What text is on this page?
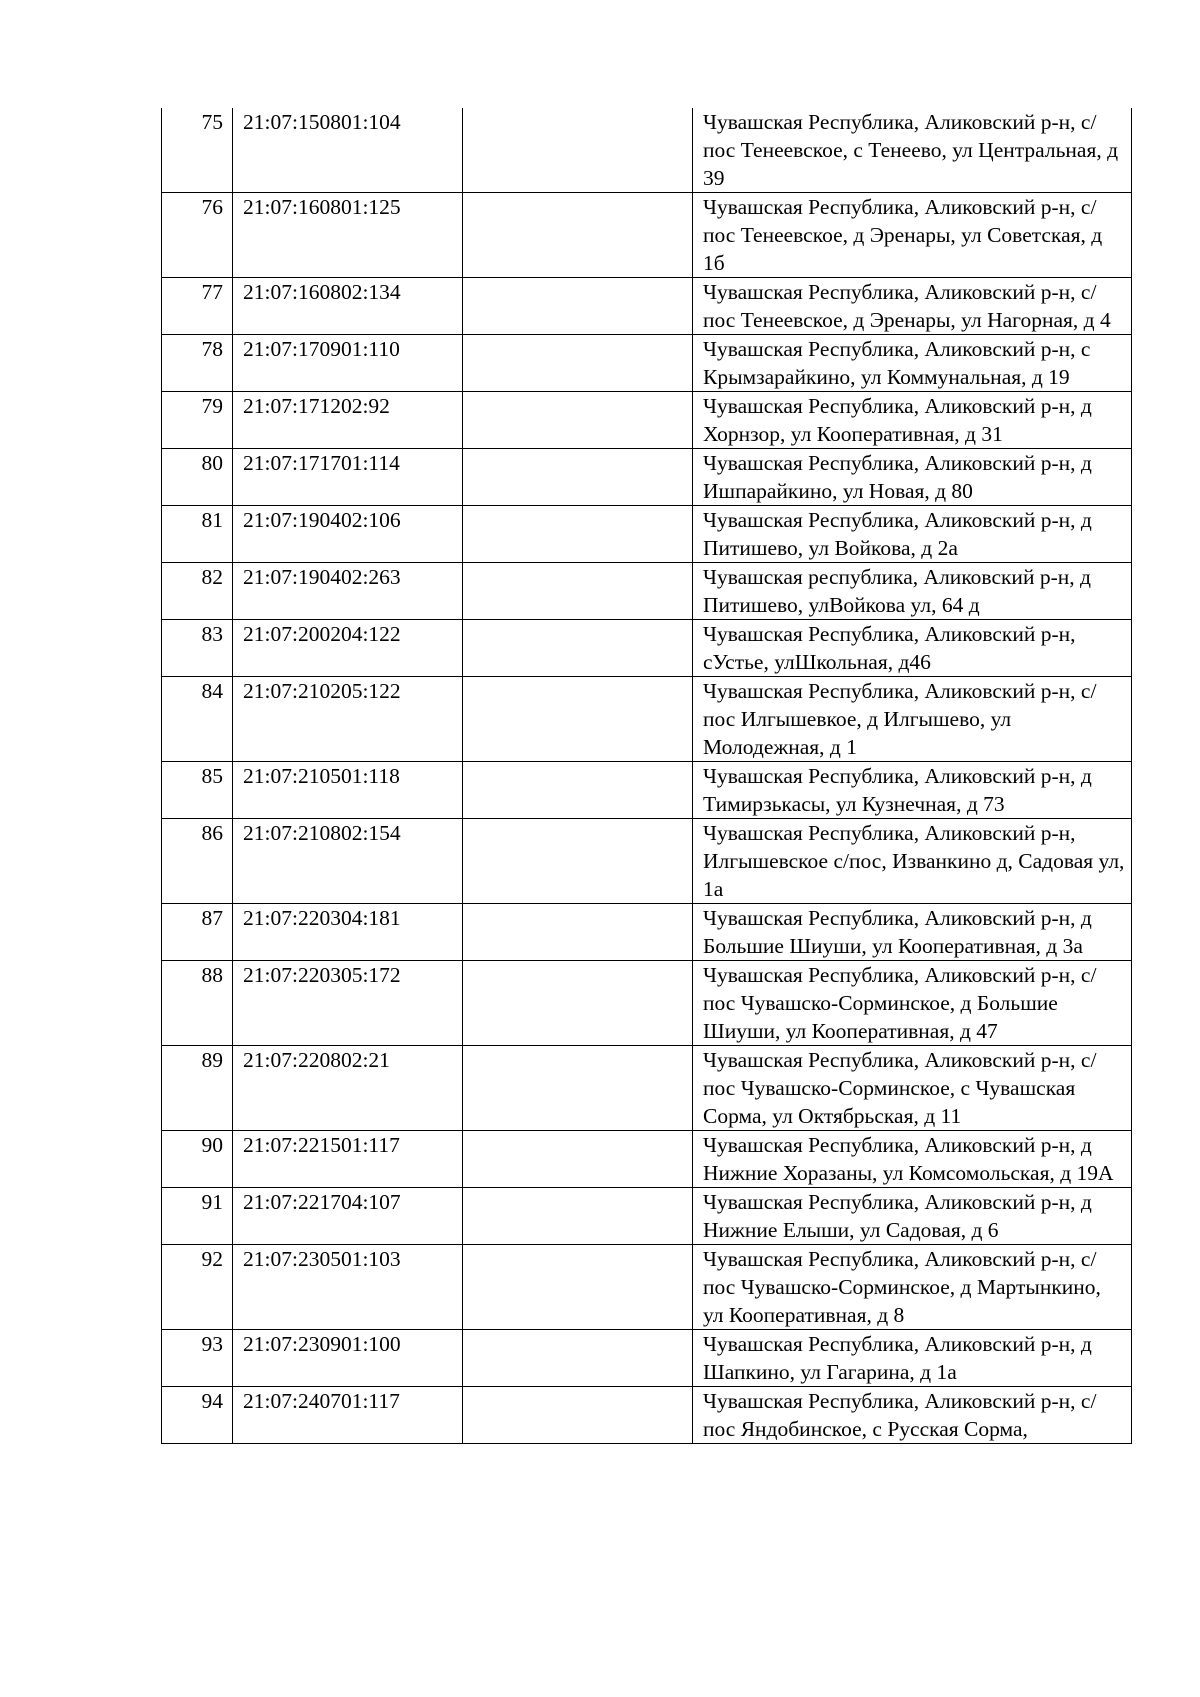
75	21:07:150801:104		Чувашская Республика, Аликовский р-н, с/пос Тенеевское, с Тенеево, ул Центральная, д 39
76	21:07:160801:125		Чувашская Республика, Аликовский р-н, с/пос Тенеевское, д Эренары, ул Советская, д 1б
77	21:07:160802:134		Чувашская Республика, Аликовский р-н, с/пос Тенеевское, д Эренары, ул Нагорная, д 4
78	21:07:170901:110		Чувашская Республика, Аликовский р-н, с Крымзарайкино, ул Коммунальная, д 19
79	21:07:171202:92		Чувашская Республика, Аликовский р-н, д Хорнзор, ул Кооперативная, д 31
80	21:07:171701:114		Чувашская Республика, Аликовский р-н, д Ишпарайкино, ул Новая, д 80
81	21:07:190402:106		Чувашская Республика, Аликовский р-н, д Питишево, ул Войкова, д 2а
82	21:07:190402:263		Чувашская республика, Аликовский р-н, д Питишево, улВойкова ул, 64 д
83	21:07:200204:122		Чувашская Республика, Аликовский р-н, сУстье, улШкольная, д46
84	21:07:210205:122		Чувашская Республика, Аликовский р-н, с/пос Илгышевкое, д Илгышево, ул Молодежная, д 1
85	21:07:210501:118		Чувашская Республика, Аликовский р-н, д Тимирзькасы, ул Кузнечная, д 73
86	21:07:210802:154		Чувашская Республика, Аликовский р-н, Илгышевское с/пос, Изванкино д, Садовая ул, 1а
87	21:07:220304:181		Чувашская Республика, Аликовский р-н, д Большие Шиуши, ул Кооперативная, д 3а
88	21:07:220305:172		Чувашская Республика, Аликовский р-н, с/пос Чувашско-Сорминское, д Большие Шиуши, ул Кооперативная, д 47
89	21:07:220802:21		Чувашская Республика, Аликовский р-н, с/пос Чувашско-Сорминское, с Чувашская Сорма, ул Октябрьская, д 11
90	21:07:221501:117		Чувашская Республика, Аликовский р-н, д Нижние Хоразаны, ул Комсомольская, д 19А
91	21:07:221704:107		Чувашская Республика, Аликовский р-н, д Нижние Елыши, ул Садовая, д 6
92	21:07:230501:103		Чувашская Республика, Аликовский р-н, с/пос Чувашско-Сорминское, д Мартынкино, ул Кооперативная, д 8
93	21:07:230901:100		Чувашская Республика, Аликовский р-н, д Шапкино, ул Гагарина, д 1а
94	21:07:240701:117		Чувашская Республика, Аликовский р-н, с/пос Яндобинское, с Русская Сорма,
